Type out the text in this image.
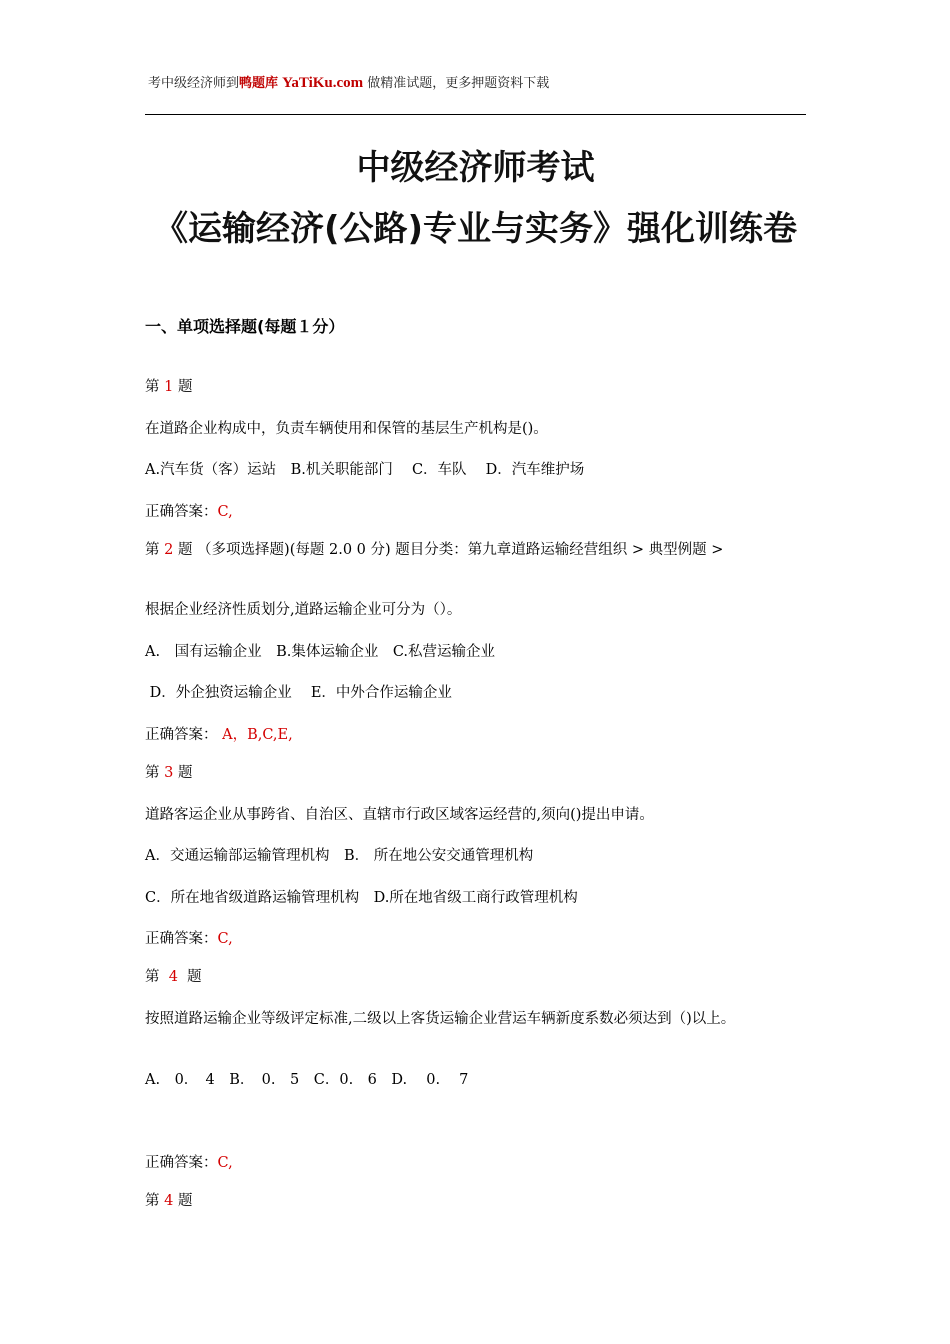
考中级经济师到鸭题库 YaTiKu.com 做精准试题，更多押题资料下载
中级经济师考试
《运输经济(公路)专业与实务》强化训练卷
一、单项选择题(每题１分）
第 1 题
在道路企业构成中，负责车辆使用和保管的基层生产机构是()。
A.汽车货（客）运站　B.机关职能部门　 C．车队　 D．汽车维护场
正确答案：C,
第 2 题 （多项选择题)(每题 2.0 0 分) 题目分类：第九章道路运输经营组织 > 典型例题 >
根据企业经济性质划分,道路运输企业可分为（）。
A.　国有运输企业　B.集体运输企业　C.私营运输企业
D．外企独资运输企业　 E．中外合作运输企业
正确答案： A，B,C,E,
第 3 题
道路客运企业从事跨省、自治区、直辖市行政区域客运经营的,须向()提出申请。
A．交通运输部运输管理机构　B． 所在地公安交通管理机构
C．所在地省级道路运输管理机构　D.所在地省级工商行政管理机构
正确答案：C,
第  4  题
按照道路运输企业等级评定标准,二级以上客货运输企业营运车辆新度系数必须达到（)以上。
A.　0．　4　B．　0.　5　C．0.　6　D.　 0.　 7
正确答案：C,
第 4 题
